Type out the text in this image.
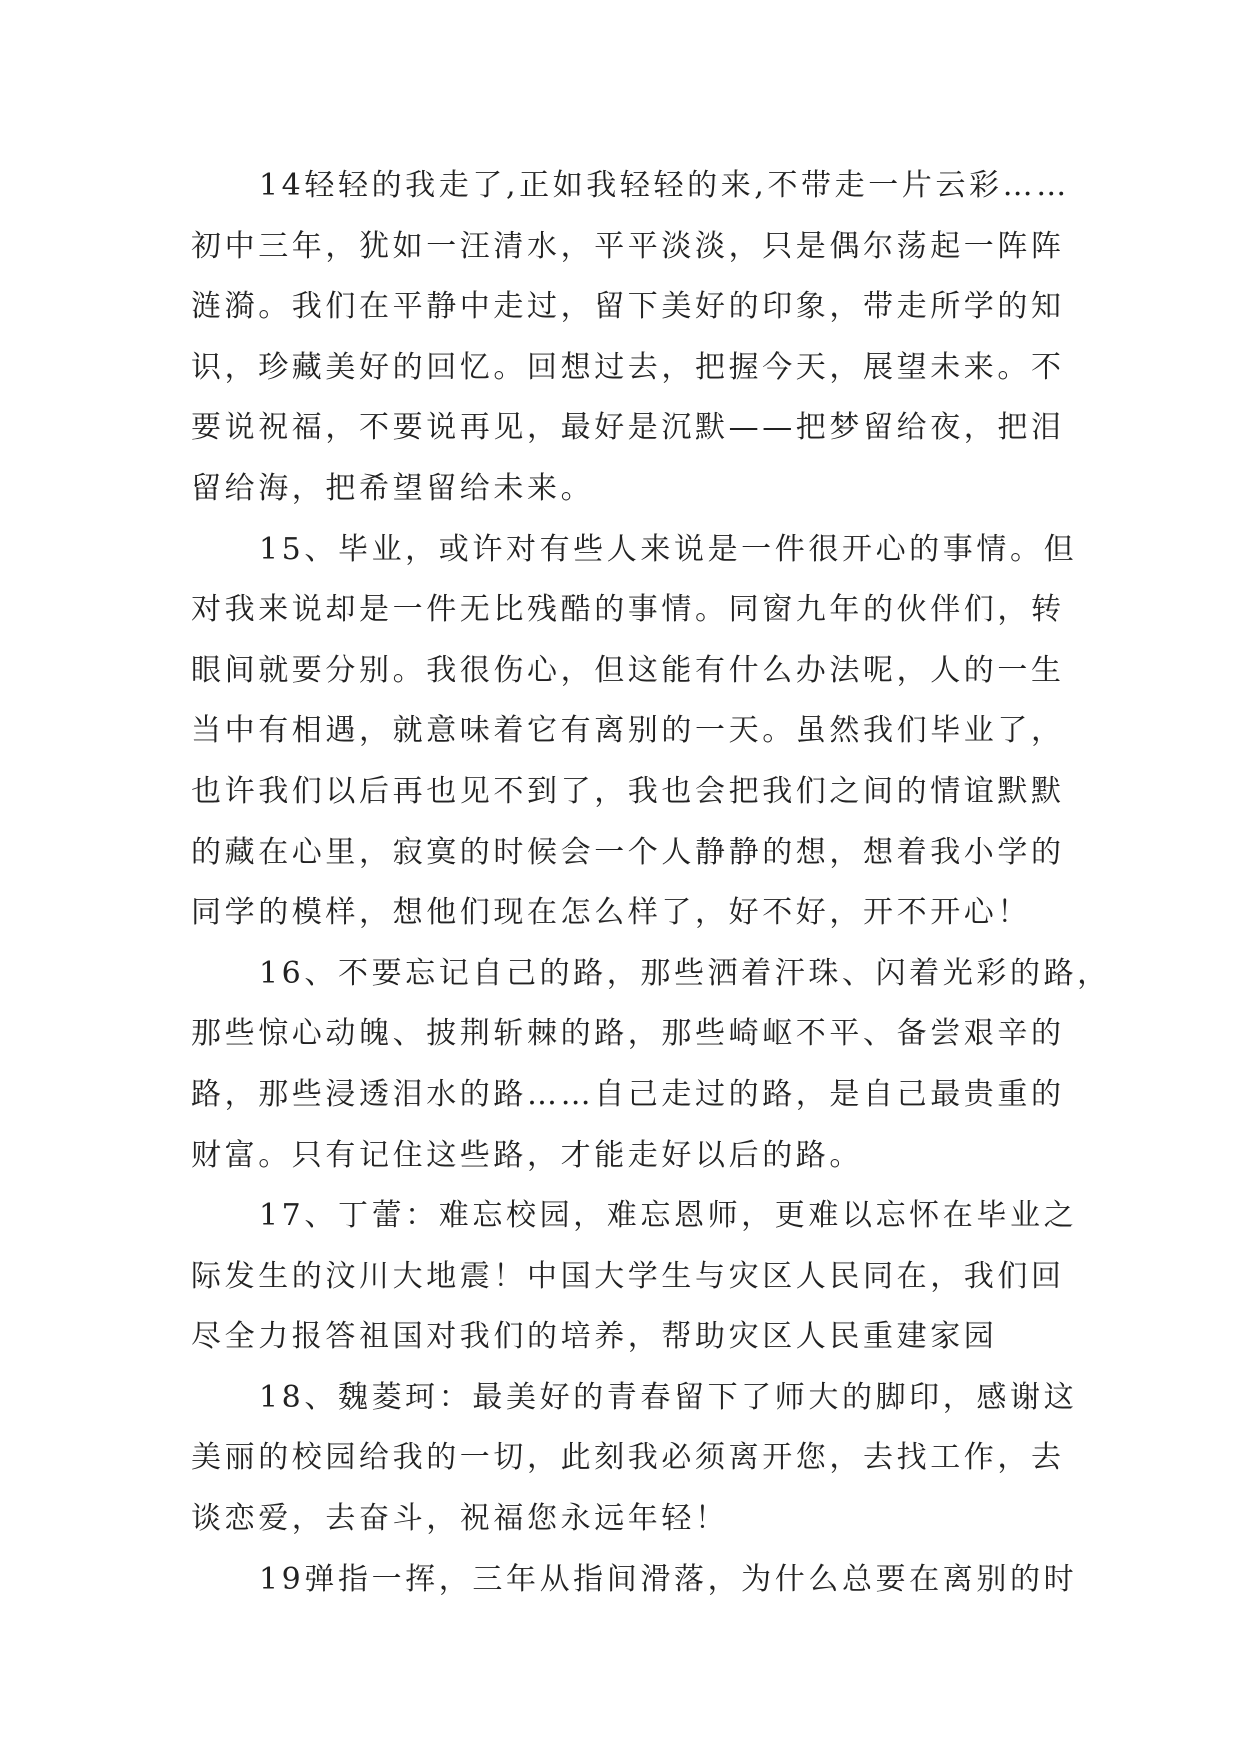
14轻轻的我走了,正如我轻轻的来,不带走一片云彩……
初中三年，犹如一汪清水，平平淡淡，只是偶尔荡起一阵阵
涟漪。我们在平静中走过，留下美好的印象，带走所学的知
识，珍藏美好的回忆。回想过去，把握今天，展望未来。不
要说祝福，不要说再见，最好是沉默——把梦留给夜，把泪
留给海，把希望留给未来。
15、毕业，或许对有些人来说是一件很开心的事情。但
对我来说却是一件无比残酷的事情。同窗九年的伙伴们，转
眼间就要分别。我很伤心，但这能有什么办法呢，人的一生
当中有相遇，就意味着它有离别的一天。虽然我们毕业了，
也许我们以后再也见不到了，我也会把我们之间的情谊默默
的藏在心里，寂寞的时候会一个人静静的想，想着我小学的
同学的模样，想他们现在怎么样了，好不好，开不开心！
16、不要忘记自己的路，那些洒着汗珠、闪着光彩的路，
那些惊心动魄、披荆斩棘的路，那些崎岖不平、备尝艰辛的
路，那些浸透泪水的路……自己走过的路，是自己最贵重的
财富。只有记住这些路，才能走好以后的路。
17、丁蕾：难忘校园，难忘恩师，更难以忘怀在毕业之
际发生的汶川大地震！中国大学生与灾区人民同在，我们回
尽全力报答祖国对我们的培养，帮助灾区人民重建家园
18、魏菱珂：最美好的青春留下了师大的脚印，感谢这
美丽的校园给我的一切，此刻我必须离开您，去找工作，去
谈恋爱，去奋斗，祝福您永远年轻！
19弹指一挥，三年从指间滑落，为什么总要在离别的时
